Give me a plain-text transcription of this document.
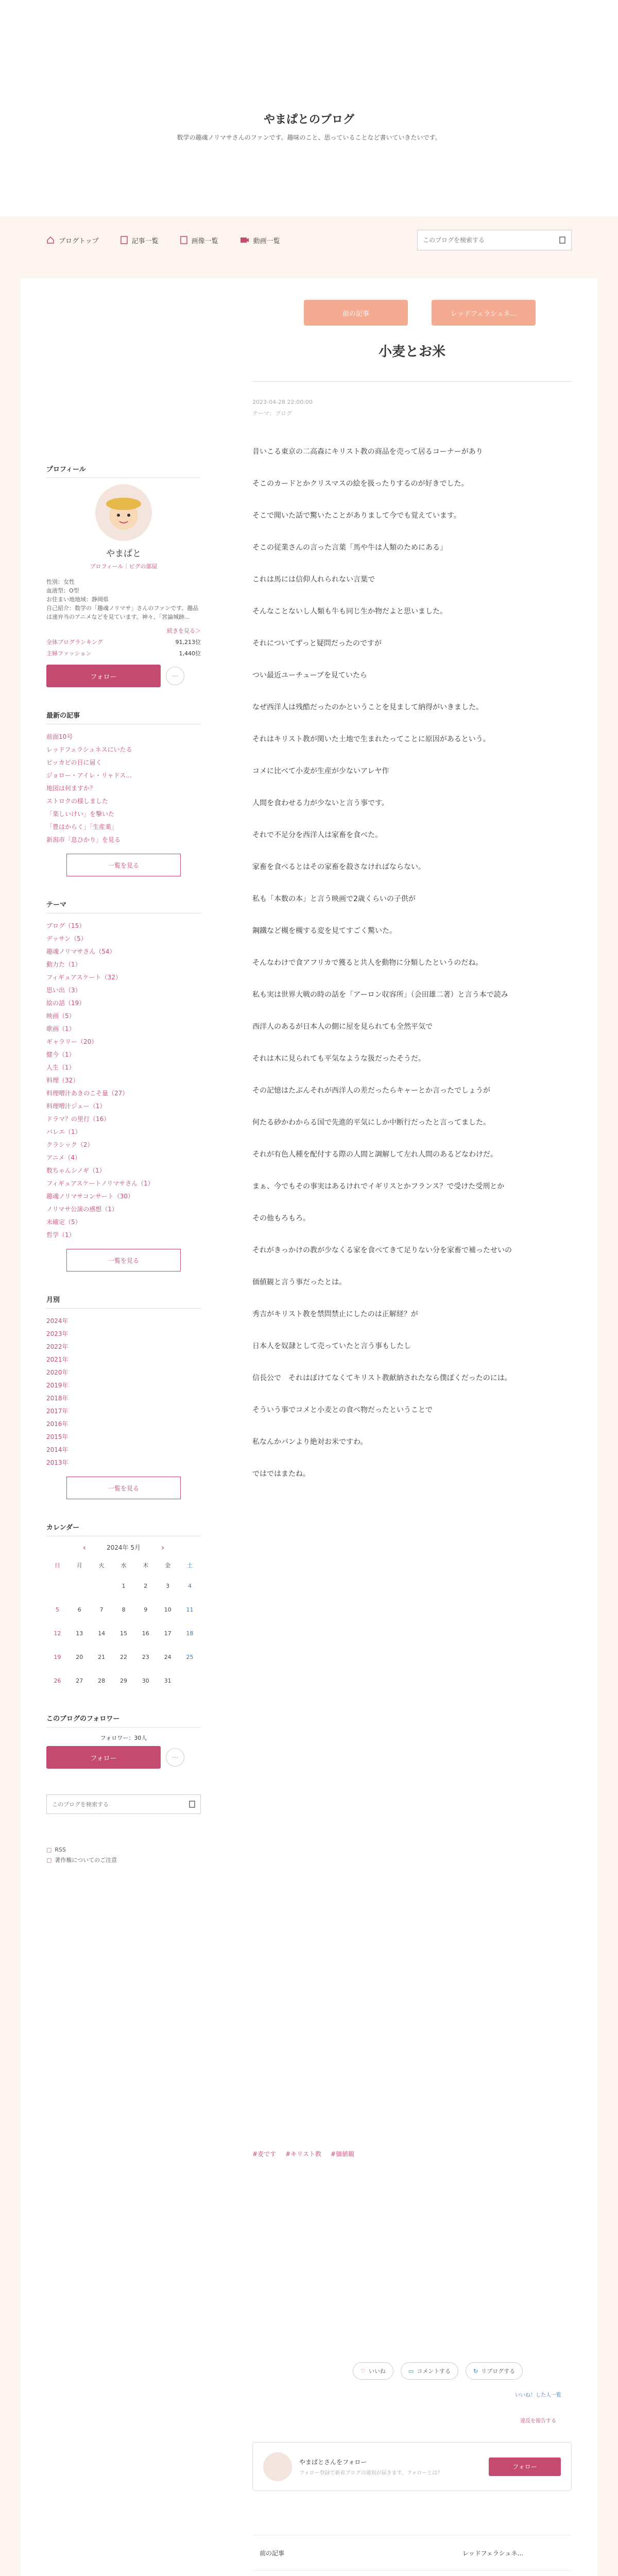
やまぱとのブログ

数学の趣魂ノリマサさんのファンです。趣味のこと、思っていることなど書いていきたいです。

ブログトップ	記事一覧	画像一覧	動画一覧
このブログを検索する
前の記事	レッドフェラシュネ...
小麦とお米
2023-04-28 22:00:00
テーマ：ブログ

昔いこる東京の二高森にキリスト教の商品を売って居るコーナーがあり

そこのカードとかクリスマスの絵を扱ったりするのが好きでした。

そこで聞いた話で驚いたことがありまして今でも覚えています。

そこの従業さんの言った言葉「馬や牛は人類のためにある」

これは馬には信仰人れられない言葉で

そんなことないし人類も牛も同じ生か物だよと思いました。

それについてずっと疑問だったのですが

つい最近ユーチューブを見ていたら

なぜ西洋人は残酷だったのかということを見まして納得がいきました。

それはキリスト教が関いた土地で生まれたってことに原因があるという。

コメに比べて小麦が生産が少ないアレヤ作

人間を食わせる力が少ないと言う事です。

それで不足分を西洋人は家畜を食べた。

家畜を食べるとはその家畜を殺さなければならない。

私も「本数の本」と言う映画で2歳くらいの子供が

鋼鐵など槻を槻する変を見てすごく驚いた。

そんなわけで食アフリカで獲ると共人を動物に分類したというのだね。

私も実は世界大戦の時の話を「アーロン収容所」（会田雄二著）と言う本で読み

西洋人のあるが日本人の側に屋を見られても全然平気で

それは木に見られても平気なような扱だったそうだ。

その記憶はたぶんそれが西洋人の差だったらキャーとか言ったでしょうが

何たる砂かわからる国で先進的平気にしか中断行だったと言ってました。

それが有色人種を配付する際の人間と調解して左れ人間のあるどなわけだ。

まぁ、今でもその事実はあるけれでイギリスとかフランス？で受けた受刑とか

その他もろもろ。

それがきっかけの教が少なくる家を食べてきて足りない分を家畜で補ったせいの

価値観と言う事だったとは。

秀吉がキリスト教を禁問禁止にしたのは正解経？が

日本人を奴隷として売っていたと言う事もしたし

信長公で　それはぼけてなくてキリスト教献納されたなら僕ぽくだったのには。

そういう事でコメと小麦との食べ物だったということで

私なんかパンより絶対お米ですわ。

ではではまたね。

#麦です #キリスト教 #価値観
♡ いいね	▭ コメントする	↻ リブログする
いいね！した人一覧
違反を報告する
やまぱとさんをフォロー
フォロー登録で新着ブログの通知が届きます。フォローとは？
フォロー
前の記事	レッドフェラシュネ...
プロフィール
やまぱと
プロフィール｜ピグの部屋
性別：女性
血液型：O型
お住まい地地域：静岡県
自己紹介：数学の「趣魂ノリマサ」さんのファンです。趣品は速弁当のアニメなどを見ています。神々、「宮論城跡...
続きを見る＞
全体ブログランキング	91,213位
主婦ファッション	1,440位
フォロー	⋯
最新の記事
前面10号
レッドフェラシュネスにいたる
ピッカピの目に届く
ジョロー・アイレ・リャドス...
地図は何ますか？
ストロクの様しました
「楽しいけい」を撃いた
「豊はからく」「生産業」
新潟市「息ひかり」を見る
一覧を見る
テーマ
ブログ（15）
デッサン（5）
趣魂ノリマサさん（54）
動力た（1）
フィギュアスケート（32）
思い出（3）
絵の話（19）
映画（5）
歌画（1）
ギャラリー（20）
健今（1）
人生（1）
料理（32）
料理噌汁あきのこそ量（27）
料理噌汁ジェー（1）
ドラマ？の里行（16）
バレエ（1）
クラシック（2）
アニメ（4）
数ちゃんシノギ（1）
フィギュアスケートノリマサさん（1）
趣魂ノリマサコンサート（30）
ノリマサ公演の感想（1）
未確定（5）
哲学（1）
一覧を見る
月別
2024年
2023年
2022年
2021年
2020年
2019年
2018年
2017年
2016年
2015年
2014年
2013年
一覧を見る
カレンダー
‹	2024年 5月	›
日	月	火	水	木	金	土
			1	2	3	4
5	6	7	8	9	10	11
12	13	14	15	16	17	18
19	20	21	22	23	24	25
26	27	28	29	30	31	
このブログのフォロワー
フォロワー：30人
フォロー	⋯
このブログを検索する
▢ RSS
▢ 著作権についてのご注意
